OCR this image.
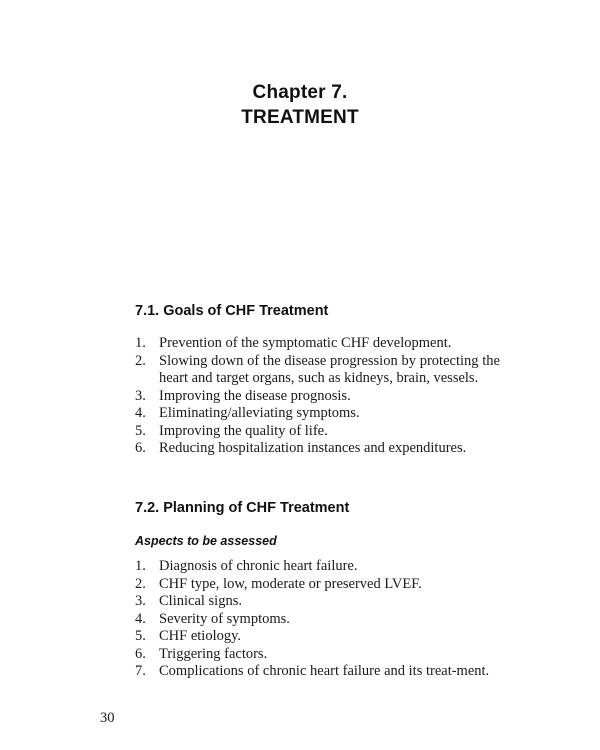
Chapter 7.
TREATMENT
7.1. Goals of CHF Treatment
1. Prevention of the symptomatic CHF development.
2. Slowing down of the disease progression by protecting the heart and target organs, such as kidneys, brain, vessels.
3. Improving the disease prognosis.
4. Eliminating/alleviating symptoms.
5. Improving the quality of life.
6. Reducing hospitalization instances and expenditures.
7.2. Planning of CHF Treatment
Aspects to be assessed
1. Diagnosis of chronic heart failure.
2. CHF type, low, moderate or preserved LVEF.
3. Clinical signs.
4. Severity of symptoms.
5. CHF etiology.
6. Triggering factors.
7. Complications of chronic heart failure and its treat-ment.
30
